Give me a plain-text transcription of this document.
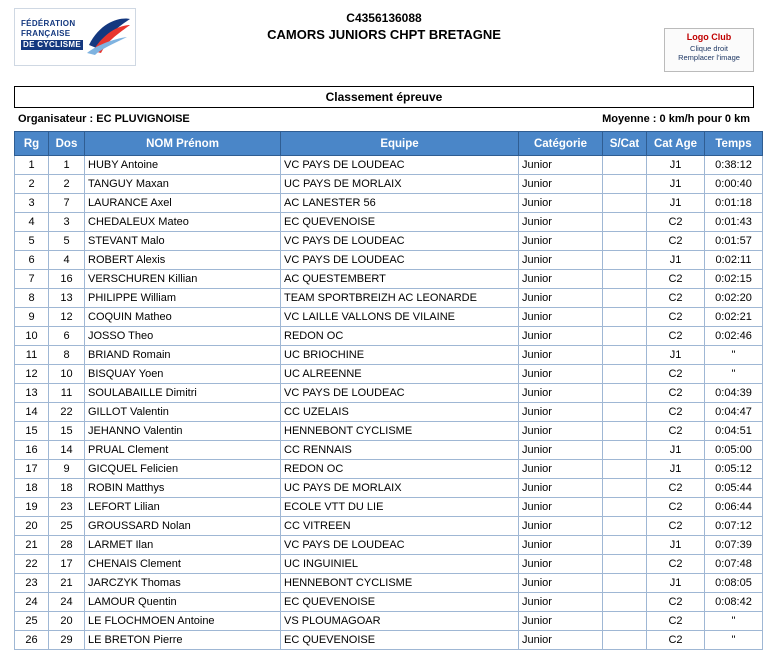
FÉDÉRATION
FRANÇAISE
DE CYCLISME
C4356136088
CAMORS JUNIORS CHPT BRETAGNE	Logo Club
Clique droit
Remplacer l'image
Classement épreuve
Organisateur : EC PLUVIGNOISE	Moyenne : 0 km/h pour 0 km
Rg	Dos	NOM Prénom	Equipe	Catégorie	S/Cat	Cat Age	Temps
1	1	HUBY Antoine	VC PAYS DE LOUDEAC	Junior		J1	0:38:12
2	2	TANGUY Maxan	UC PAYS DE MORLAIX	Junior		J1	0:00:40
3	7	LAURANCE Axel	AC LANESTER 56	Junior		J1	0:01:18
4	3	CHEDALEUX Mateo	EC QUEVENOISE	Junior		C2	0:01:43
5	5	STEVANT Malo	VC PAYS DE LOUDEAC	Junior		C2	0:01:57
6	4	ROBERT Alexis	VC PAYS DE LOUDEAC	Junior		J1	0:02:11
7	16	VERSCHUREN Killian	AC QUESTEMBERT	Junior		C2	0:02:15
8	13	PHILIPPE William	TEAM SPORTBREIZH AC LEONARDE	Junior		C2	0:02:20
9	12	COQUIN Matheo	VC LAILLE VALLONS DE VILAINE	Junior		C2	0:02:21
10	6	JOSSO Theo	REDON OC	Junior		C2	0:02:46
11	8	BRIAND Romain	UC BRIOCHINE	Junior		J1	"
12	10	BISQUAY Yoen	UC ALREENNE	Junior		C2	"
13	11	SOULABAILLE Dimitri	VC PAYS DE LOUDEAC	Junior		C2	0:04:39
14	22	GILLOT Valentin	CC UZELAIS	Junior		C2	0:04:47
15	15	JEHANNO Valentin	HENNEBONT CYCLISME	Junior		C2	0:04:51
16	14	PRUAL Clement	CC RENNAIS	Junior		J1	0:05:00
17	9	GICQUEL Felicien	REDON OC	Junior		J1	0:05:12
18	18	ROBIN Matthys	UC PAYS DE MORLAIX	Junior		C2	0:05:44
19	23	LEFORT Lilian	ECOLE VTT DU LIE	Junior		C2	0:06:44
20	25	GROUSSARD Nolan	CC VITREEN	Junior		C2	0:07:12
21	28	LARMET Ilan	VC PAYS DE LOUDEAC	Junior		J1	0:07:39
22	17	CHENAIS Clement	UC INGUINIEL	Junior		C2	0:07:48
23	21	JARCZYK Thomas	HENNEBONT CYCLISME	Junior		J1	0:08:05
24	24	LAMOUR Quentin	EC QUEVENOISE	Junior		C2	0:08:42
25	20	LE FLOCHMOEN Antoine	VS PLOUMAGOAR	Junior		C2	"
26	29	LE BRETON Pierre	EC QUEVENOISE	Junior		C2	"
